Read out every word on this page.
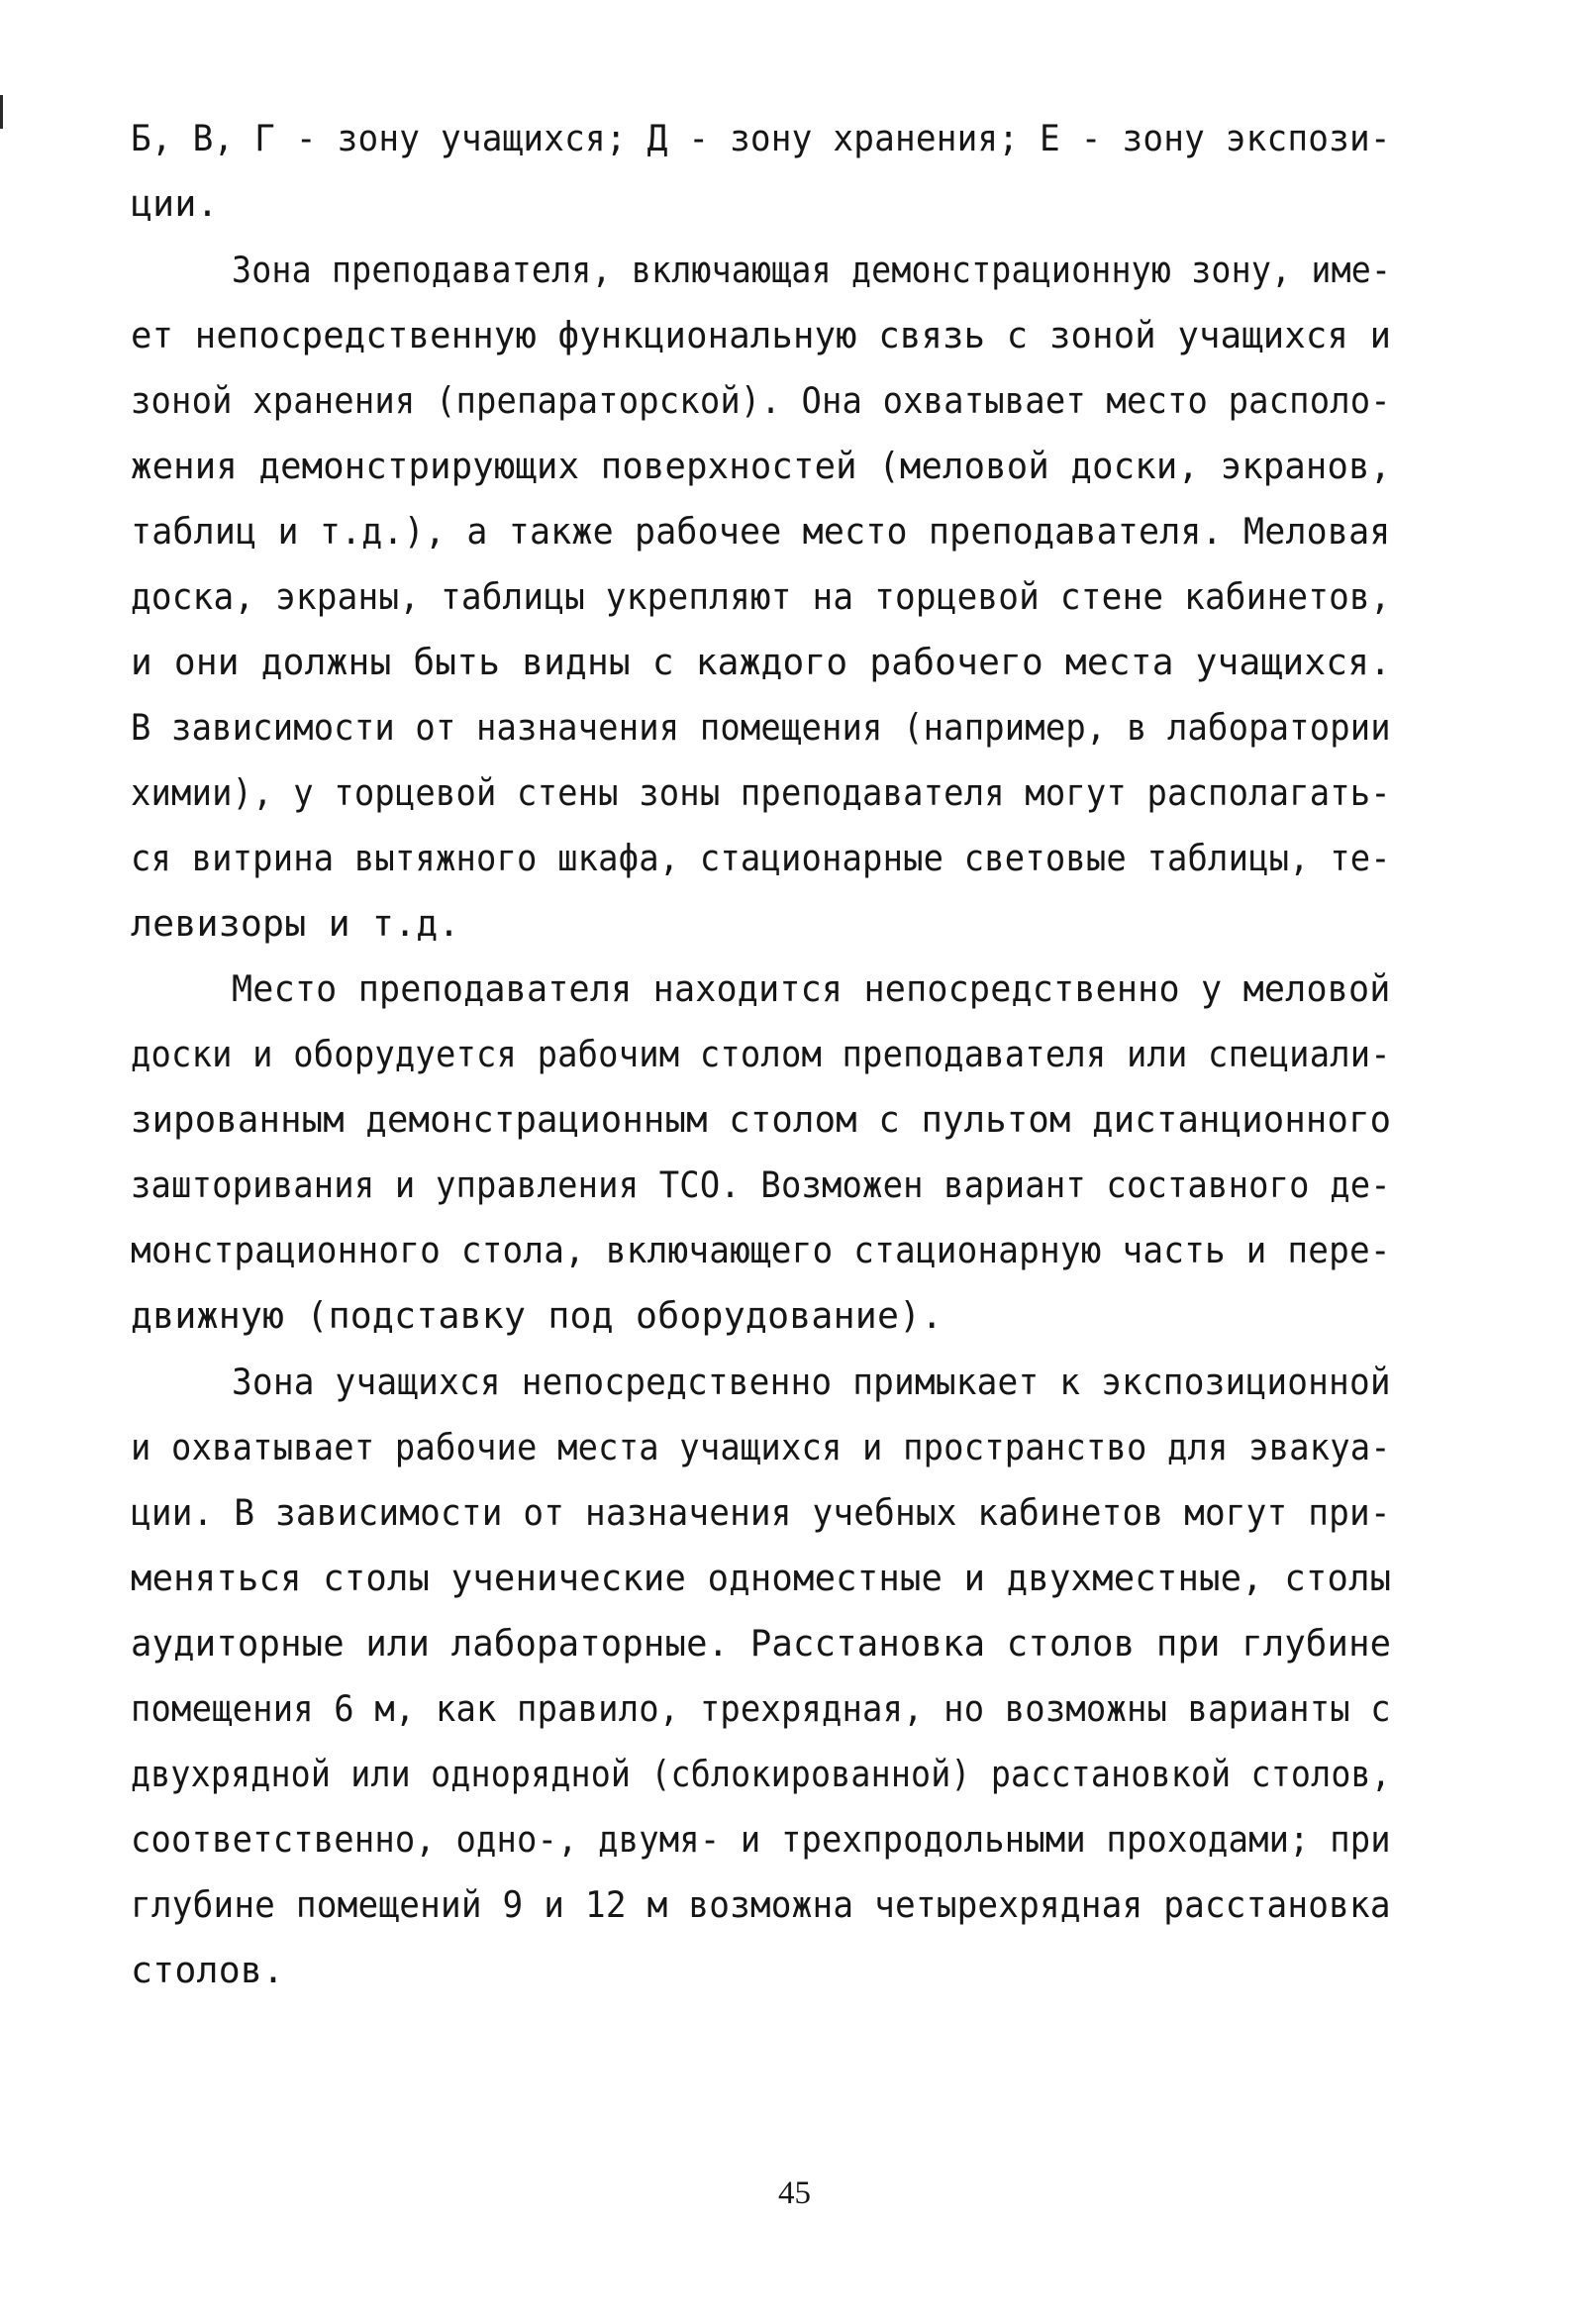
Б, В, Г - зону учащихся; Д - зону хранения; Е - зону экспози-
ции.
Зона преподавателя, включающая демонстрационную зону, име-
ет непосредственную функциональную связь с зоной учащихся и
зоной хранения (препараторской). Она охватывает место располо-
жения демонстрирующих поверхностей (меловой доски, экранов,
таблиц и т.д.), а также рабочее место преподавателя. Меловая
доска, экраны, таблицы укрепляют на торцевой стене кабинетов,
и они должны быть видны с каждого рабочего места учащихся.
В зависимости от назначения помещения (например, в лаборатории
химии), у торцевой стены зоны преподавателя могут располагать-
ся витрина вытяжного шкафа, стационарные световые таблицы, те-
левизоры и т.д.
Место преподавателя находится непосредственно у меловой
доски и оборудуется рабочим столом преподавателя или специали-
зированным демонстрационным столом с пультом дистанционного
зашторивания и управления ТСО. Возможен вариант составного де-
монстрационного стола, включающего стационарную часть и пере-
движную (подставку под оборудование).
Зона учащихся непосредственно примыкает к экспозиционной
и охватывает рабочие места учащихся и пространство для эвакуа-
ции. В зависимости от назначения учебных кабинетов могут при-
меняться столы ученические одноместные и двухместные, столы
аудиторные или лабораторные. Расстановка столов при глубине
помещения 6 м, как правило, трехрядная, но возможны варианты с
двухрядной или однорядной (сблокированной) расстановкой столов,
соответственно, одно-, двумя- и трехпродольными проходами; при
глубине помещений 9 и 12 м возможна четырехрядная расстановка
столов.
45
